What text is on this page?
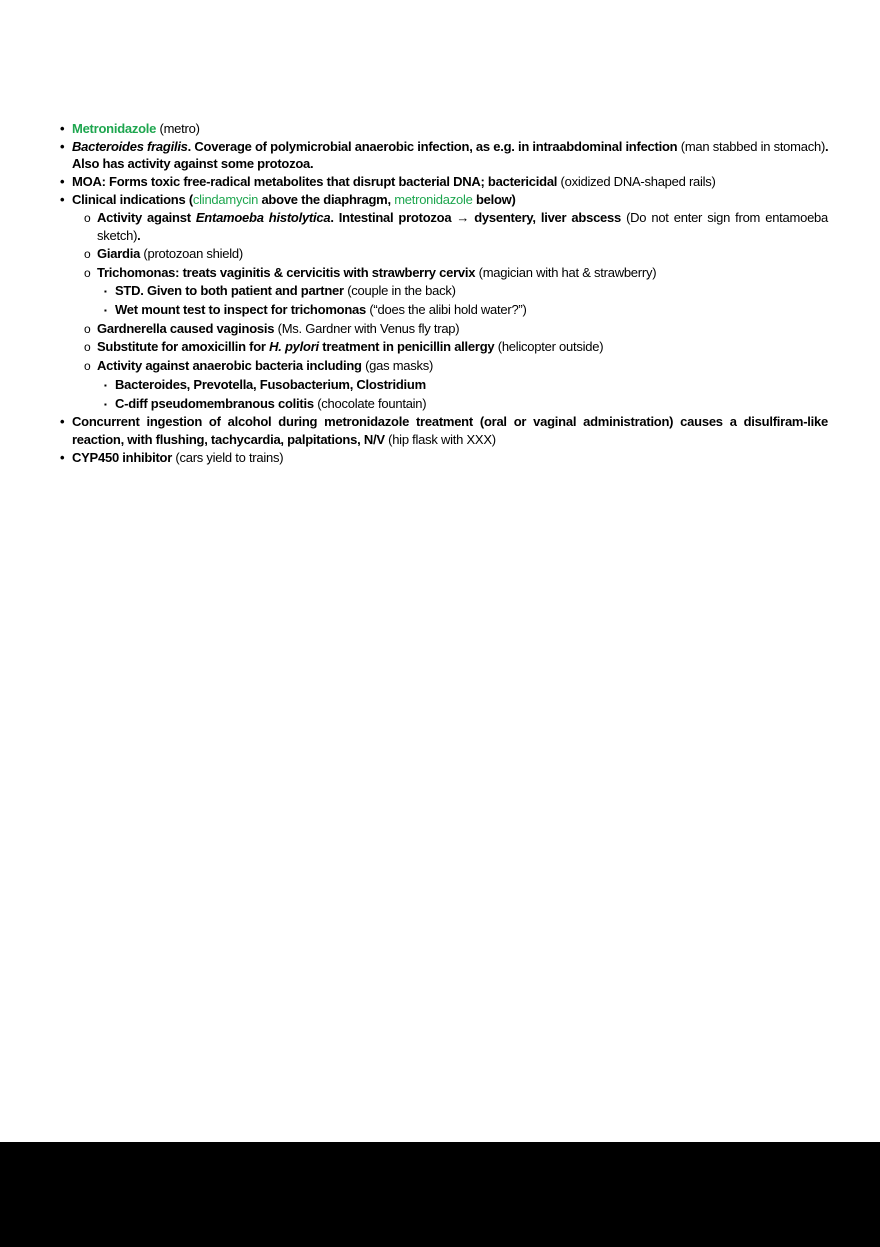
• Metronidazole (metro)
• Bacteroides fragilis. Coverage of polymicrobial anaerobic infection, as e.g. in intraabdominal infection (man stabbed in stomach).
Also has activity against some protozoa.
• MOA: Forms toxic free-radical metabolites that disrupt bacterial DNA; bactericidal (oxidized DNA-shaped rails)
• Clinical indications (clindamycin above the diaphragm, metronidazole below)
o Activity against Entamoeba histolytica. Intestinal protozoa → dysentery, liver abscess (Do not enter sign from entamoeba
sketch).
o Giardia (protozoan shield)
o Trichomonas: treats vaginitis & cervicitis with strawberry cervix (magician with hat & strawberry)
▪ STD. Given to both patient and partner (couple in the back)
▪ Wet mount test to inspect for trichomonas (“does the alibi hold water?”)
o Gardnerella caused vaginosis (Ms. Gardner with Venus fly trap)
o Substitute for amoxicillin for H. pylori treatment in penicillin allergy (helicopter outside)
o Activity against anaerobic bacteria including (gas masks)
▪ Bacteroides, Prevotella, Fusobacterium, Clostridium
▪ C-diff pseudomembranous colitis (chocolate fountain)
• Concurrent ingestion of alcohol during metronidazole treatment (oral or vaginal administration) causes a disulfiram-like
reaction, with flushing, tachycardia, palpitations, N/V (hip flask with XXX)
• CYP450 inhibitor (cars yield to trains)
